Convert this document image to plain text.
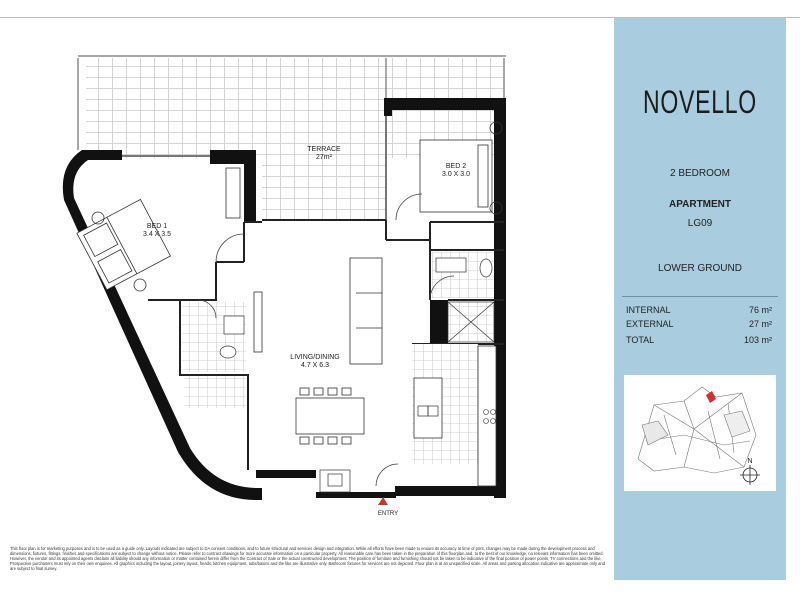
TERRACE
27m²
BED 1
3.4 X 3.5
BED 2
3.0 X 3.0
LIVING/DINING
4.7 X 6.3
ENTRY
NOVELLO
2 BEDROOM
APARTMENT
LG09
LOWER GROUND
INTERNAL	76 m²
EXTERNAL	27 m²
TOTAL	103 m²
N
This floor plan is for marketing purposes and is to be used as a guide only. Layouts indicated are subject to DA consent conditions, and to future structural and services design and integration. While all efforts have been made to ensure its accuracy at time of print, changes may be made during the development process and dimensions, fixtures, fittings, finishes and specifications are subject to change without notice. Please refer to contract drawings for more accurate information on a particular property. All reasonable care has been taken in the preparation of this floorplan and, to the best of our knowledge, no relevant information has been omitted. However, the vendor and its appointed agents disclaim all liability should any information or matter contained herein differ from the Contract of Sale or the actual constructed development. The position of furniture and furnishing should not be taken to be indicative of the final position of power points, TV connections and the like. Prospective purchasers must rely on their own enquiries. All graphics including the layout, joinery layout, heads, kitchen equipment, tubs/basins and the like are illustrative only. Bathroom fixtures for services are not depicted. Floor plan is at an unspecified scale. All areas and parking allocation indicative are approximate only and are subject to final survey.
